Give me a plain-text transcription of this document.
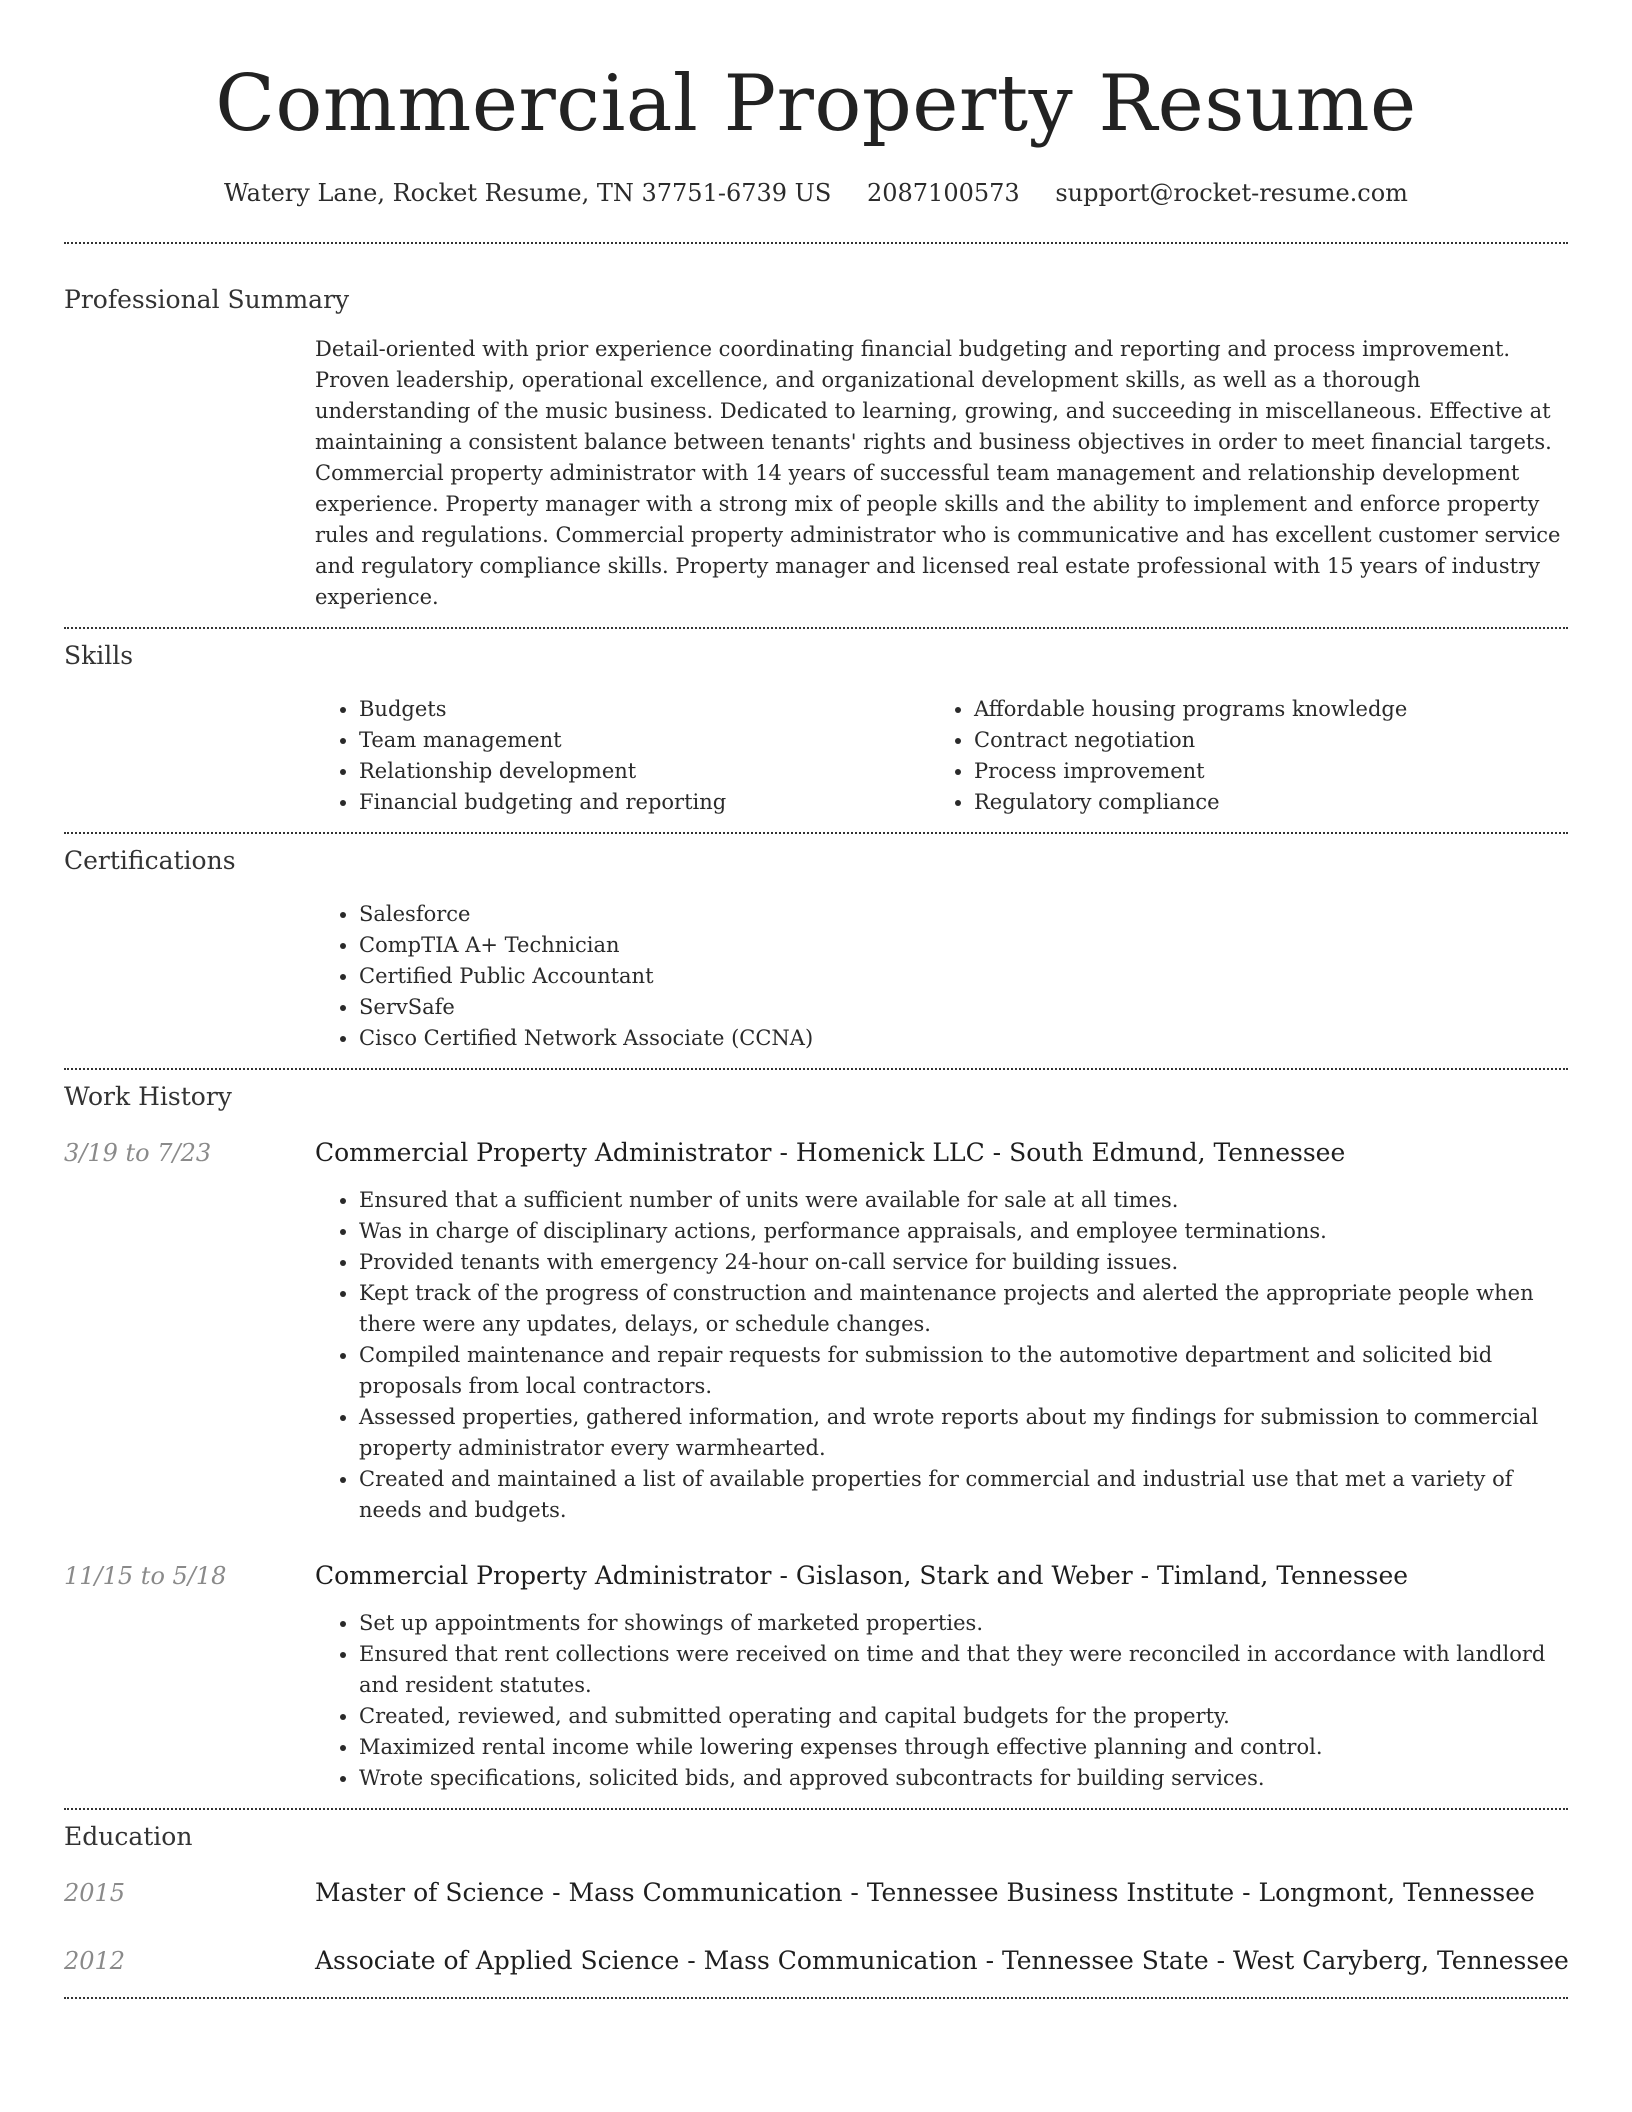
Commercial Property Resume
Watery Lane, Rocket Resume, TN 37751-6739 US 2087100573 support@rocket-resume.com
Professional Summary
Detail-oriented with prior experience coordinating financial budgeting and reporting and process improvement. Proven leadership, operational excellence, and organizational development skills, as well as a thorough understanding of the music business. Dedicated to learning, growing, and succeeding in miscellaneous. Effective at maintaining a consistent balance between tenants' rights and business objectives in order to meet financial targets. Commercial property administrator with 14 years of successful team management and relationship development experience. Property manager with a strong mix of people skills and the ability to implement and enforce property rules and regulations. Commercial property administrator who is communicative and has excellent customer service and regulatory compliance skills. Property manager and licensed real estate professional with 15 years of industry experience.
Skills
• Budgets
• Team management
• Relationship development
• Financial budgeting and reporting
• Affordable housing programs knowledge
• Contract negotiation
• Process improvement
• Regulatory compliance
Certifications
• Salesforce
• CompTIA A+ Technician
• Certified Public Accountant
• ServSafe
• Cisco Certified Network Associate (CCNA)
Work History
3/19 to 7/23	Commercial Property Administrator - Homenick LLC - South Edmund, Tennessee
• Ensured that a sufficient number of units were available for sale at all times.
• Was in charge of disciplinary actions, performance appraisals, and employee terminations.
• Provided tenants with emergency 24-hour on-call service for building issues.
• Kept track of the progress of construction and maintenance projects and alerted the appropriate people when there were any updates, delays, or schedule changes.
• Compiled maintenance and repair requests for submission to the automotive department and solicited bid proposals from local contractors.
• Assessed properties, gathered information, and wrote reports about my findings for submission to commercial property administrator every warmhearted.
• Created and maintained a list of available properties for commercial and industrial use that met a variety of needs and budgets.
11/15 to 5/18	Commercial Property Administrator - Gislason, Stark and Weber - Timland, Tennessee
• Set up appointments for showings of marketed properties.
• Ensured that rent collections were received on time and that they were reconciled in accordance with landlord and resident statutes.
• Created, reviewed, and submitted operating and capital budgets for the property.
• Maximized rental income while lowering expenses through effective planning and control.
• Wrote specifications, solicited bids, and approved subcontracts for building services.
Education
2015	Master of Science - Mass Communication - Tennessee Business Institute - Longmont, Tennessee
2012	Associate of Applied Science - Mass Communication - Tennessee State - West Caryberg, Tennessee
